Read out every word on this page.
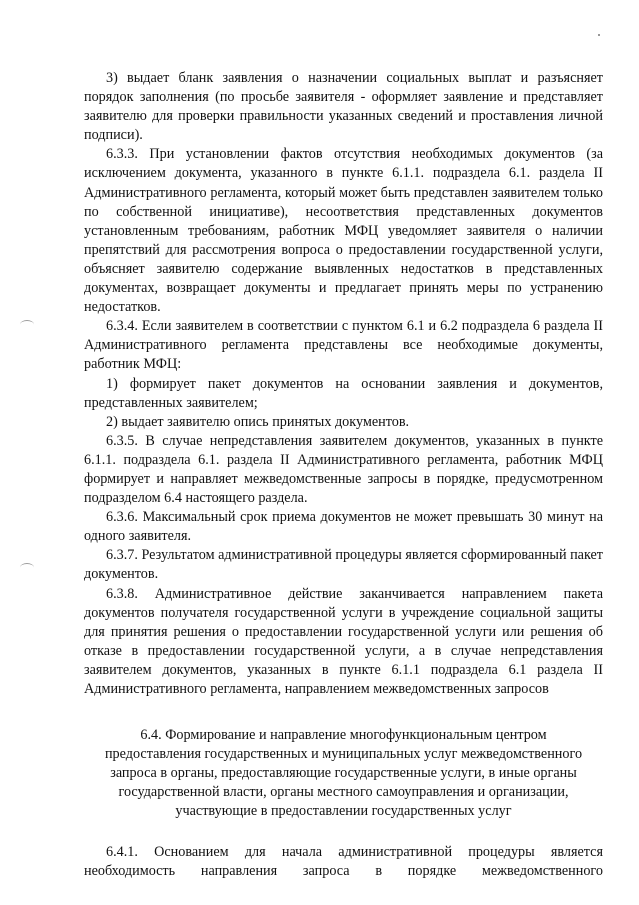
3) выдает бланк заявления о назначении социальных выплат и разъясняет порядок заполнения (по просьбе заявителя - оформляет заявление и представляет заявителю для проверки правильности указанных сведений и проставления личной подписи).

6.3.3. При установлении фактов отсутствия необходимых документов (за исключением документа, указанного в пункте 6.1.1. подраздела 6.1. раздела II Административного регламента, который может быть представлен заявителем только по собственной инициативе), несоответствия представленных документов установленным требованиям, работник МФЦ уведомляет заявителя о наличии препятствий для рассмотрения вопроса о предоставлении государственной услуги, объясняет заявителю содержание выявленных недостатков в представленных документах, возвращает документы и предлагает принять меры по устранению недостатков.

6.3.4. Если заявителем в соответствии с пунктом 6.1 и 6.2 подраздела 6 раздела II Административного регламента представлены все необходимые документы, работник МФЦ:

1) формирует пакет документов на основании заявления и документов, представленных заявителем;

2) выдает заявителю опись принятых документов.

6.3.5. В случае непредставления заявителем документов, указанных в пункте 6.1.1. подраздела 6.1. раздела II Административного регламента, работник МФЦ формирует и направляет межведомственные запросы в порядке, предусмотренном подразделом 6.4 настоящего раздела.

6.3.6. Максимальный срок приема документов не может превышать 30 минут на одного заявителя.

6.3.7. Результатом административной процедуры является сформированный пакет документов.

6.3.8. Административное действие заканчивается направлением пакета документов получателя государственной услуги в учреждение социальной защиты для принятия решения о предоставлении государственной услуги или решения об отказе в предоставлении государственной услуги, а в случае непредставления заявителем документов, указанных в пункте 6.1.1 подраздела 6.1 раздела II Административного регламента, направлением межведомственных запросов

6.4. Формирование и направление многофункциональным центром
предоставления государственных и муниципальных услуг межведомственного
запроса в органы, предоставляющие государственные услуги, в иные органы
государственной власти, органы местного самоуправления и организации,
участвующие в предоставлении государственных услуг

6.4.1. Основанием для начала административной процедуры является необходимость направления запроса в порядке межведомственного
